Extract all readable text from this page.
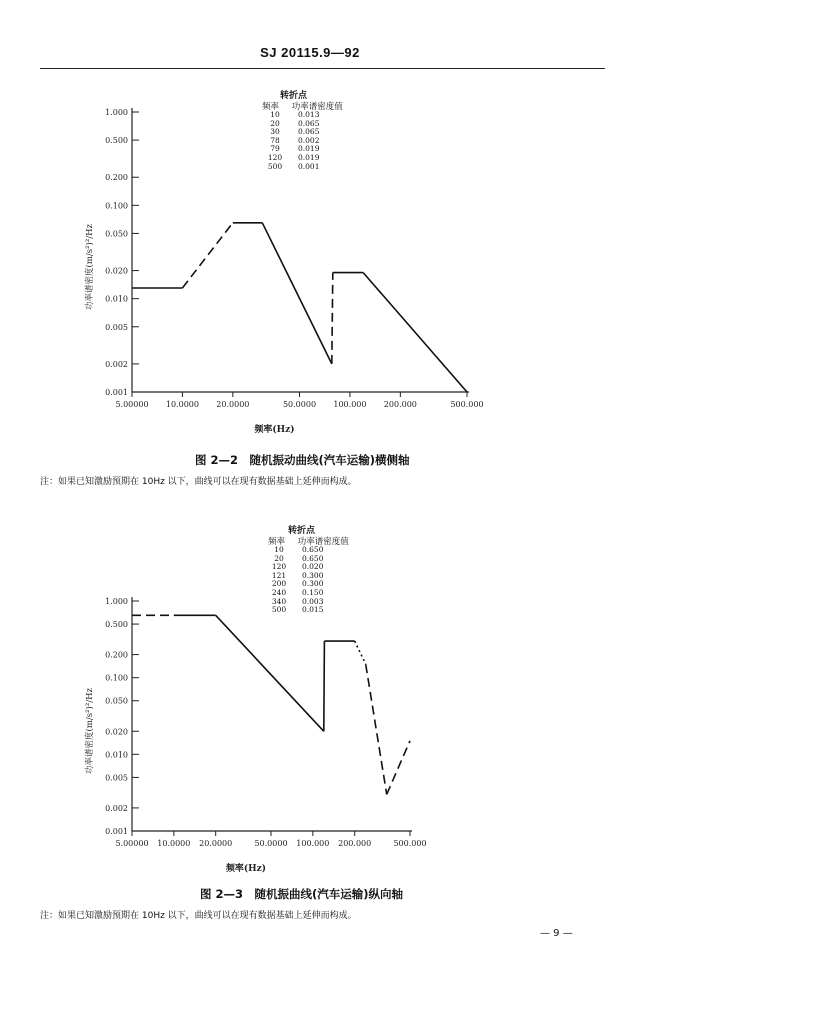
SJ 20115.9—92
1.000
0.500
0.200
0.100
0.050
0.020
0.010
0.005
0.002
0.001
5.00000 10.0000 20.0000	50.0000 100.000 200.000	500.000
频率(Hz)
功率谱密度(m/s²)²/Hz
转折点
频率 功率谱密度值
10	0.013
20	0.065
30	0.065
78	0.002
79	0.019
120	0.019
500	0.001
图 2—2　随机振动曲线(汽车运输)横侧轴
注：如果已知激励预期在 10Hz 以下，曲线可以在现有数据基础上延伸而构成。
1.000
0.500
0.200
0.100
0.050
0.020
0.010
0.005
0.002
0.001
5.00000 10.0000 20.0000	50.0000 100.000 200.000	500.000
频率(Hz)
功率谱密度(m/s²)²/Hz
转折点
频率 功率谱密度值
10	0.650
20	0.650
120	0.020
121	0.300
200	0.300
240	0.150
340	0.003
500	0.015
图 2—3　随机振曲线(汽车运输)纵向轴
注：如果已知激励预期在 10Hz 以下，曲线可以在现有数据基础上延伸而构成。
— 9 —
